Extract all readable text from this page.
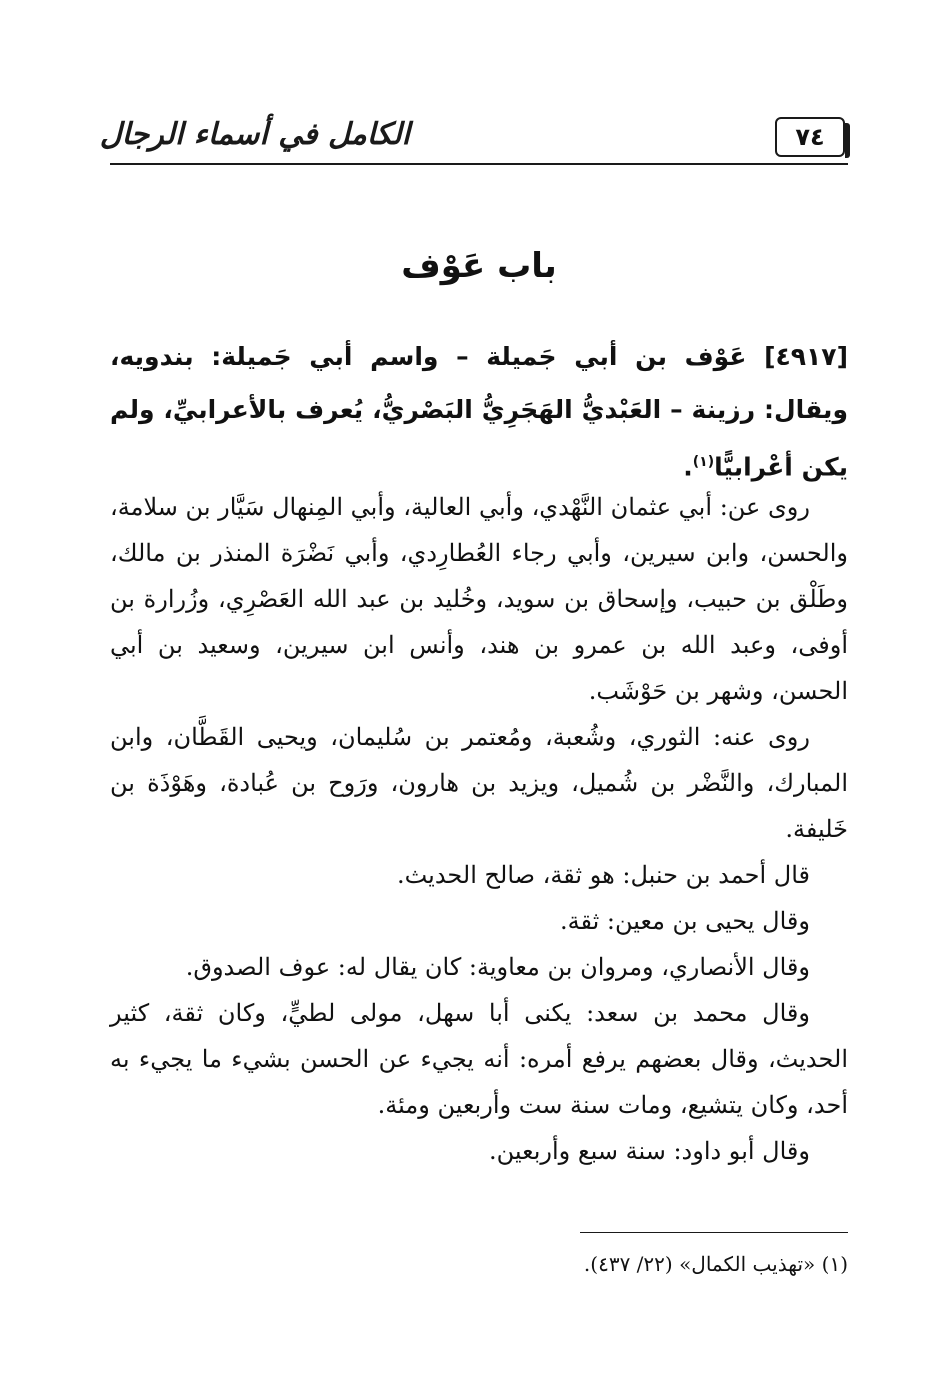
الكامل في أسماء الرجال	٧٤
باب عَوْف
[٤٩١٧] عَوْف بن أبي جَميلة – واسم أبي جَميلة: بندويه، ويقال: رزينة – العَبْديُّ الهَجَرِيُّ البَصْريُّ، يُعرف بالأعرابيِّ، ولم يكن أعْرابيًّا$^{(١)}$.

روى عن: أبي عثمان النَّهْدي، وأبي العالية، وأبي المِنهال سَيَّار بن سلامة، والحسن، وابن سيرين، وأبي رجاء العُطارِدي، وأبي نَضْرَة المنذر بن مالك، وطَلْق بن حبيب، وإسحاق بن سويد، وخُليد بن عبد الله العَصْرِي، وزُرارة بن أوفى، وعبد الله بن عمرو بن هند، وأنس ابن سيرين، وسعيد بن أبي الحسن، وشهر بن حَوْشَب.

روى عنه: الثوري، وشُعبة، ومُعتمر بن سُليمان، ويحيى القَطَّان، وابن المبارك، والنَّضْر بن شُميل، ويزيد بن هارون، ورَوح بن عُبادة، وهَوْذَة بن خَليفة.

قال أحمد بن حنبل: هو ثقة، صالح الحديث.

وقال يحيى بن معين: ثقة.

وقال الأنصاري، ومروان بن معاوية: كان يقال له: عوف الصدوق.

وقال محمد بن سعد: يكنى أبا سهل، مولى لطيٍّ، وكان ثقة، كثير الحديث، وقال بعضهم يرفع أمره: أنه يجيء عن الحسن بشيء ما يجيء به أحد، وكان يتشيع، ومات سنة ست وأربعين ومئة.

وقال أبو داود: سنة سبع وأربعين.

(١) «تهذيب الكمال» (٢٢/ ٤٣٧).
